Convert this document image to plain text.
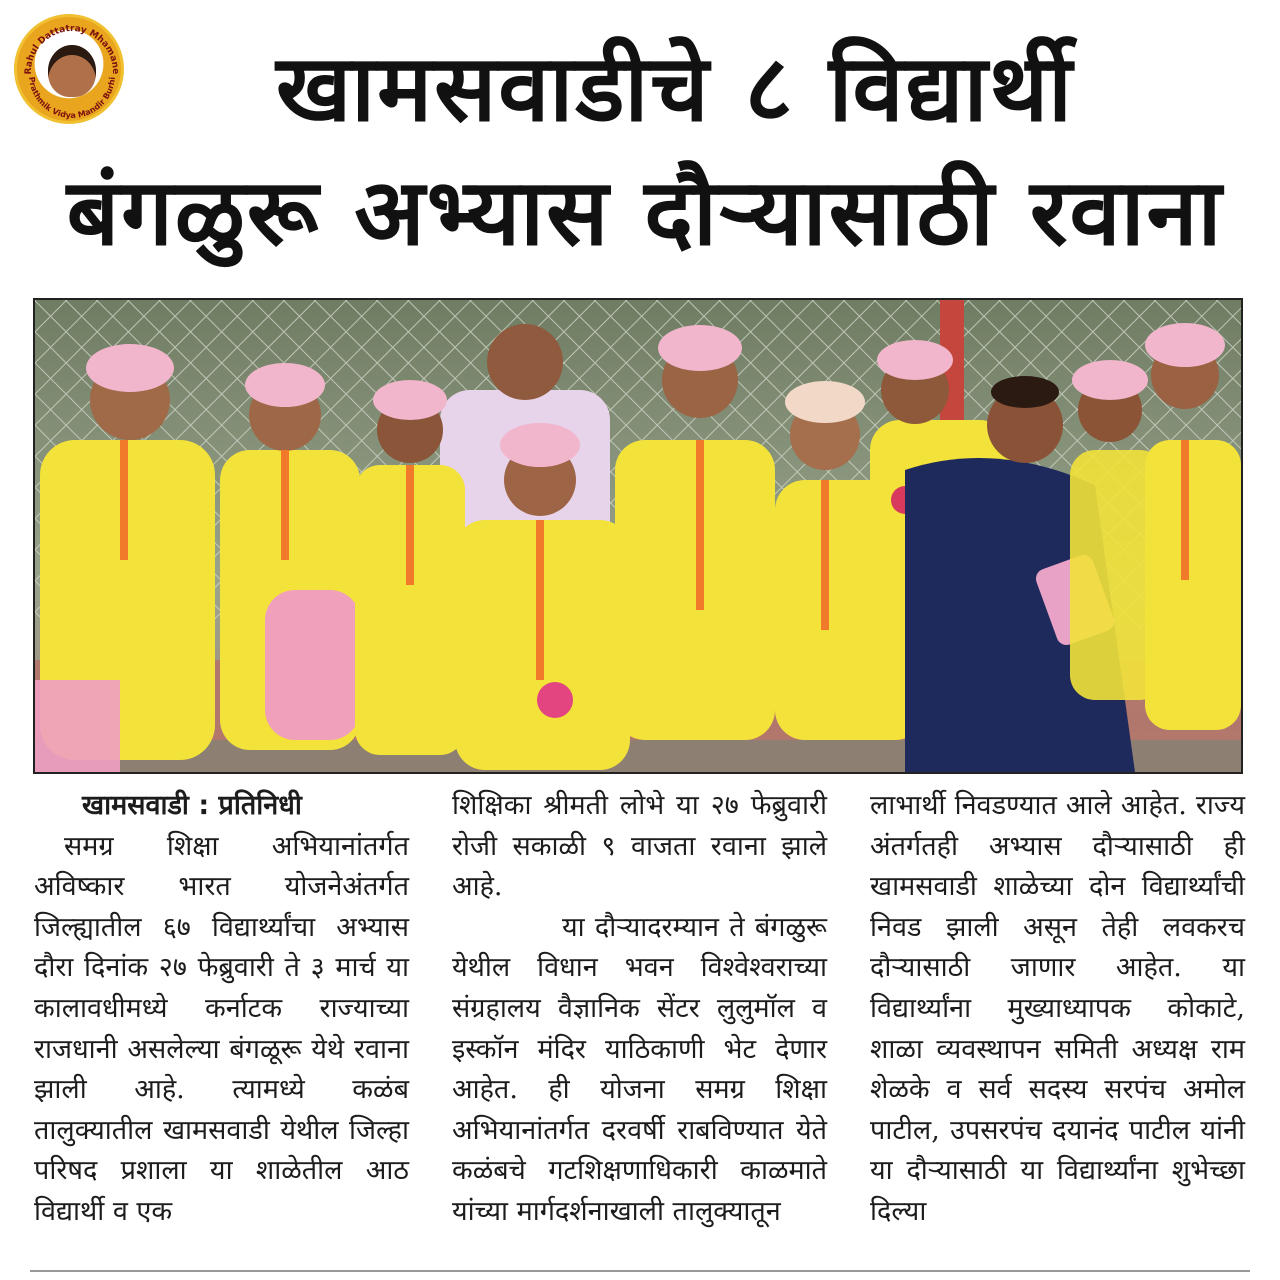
Rahul Dattatray Mhamane
Prathmik Vidya Mandir Burhi	खामसवाडीचे ८ विद्यार्थी
बंगळुरू अभ्यास दौऱ्यासाठी रवाना
खामसवाडी : प्रतिनिधी

समग्र शिक्षा अभियानांतर्गत अविष्कार भारत योजनेअंतर्गत जिल्ह्यातील ६७ विद्यार्थ्यांचा अभ्यास दौरा दिनांक २७ फेब्रुवारी ते ३ मार्च या कालावधीमध्ये कर्नाटक राज्याच्या राजधानी असलेल्या बंगळूरू येथे रवाना झाली आहे. त्यामध्ये कळंब तालुक्यातील खामसवाडी येथील जिल्हा परिषद प्रशाला या शाळेतील आठ विद्यार्थी व एक

शिक्षिका श्रीमती लोभे या २७ फेब्रुवारी रोजी सकाळी ९ वाजता रवाना झाले आहे.

या दौऱ्यादरम्यान ते बंगळुरू येथील विधान भवन विश्वेश्वराच्या संग्रहालय वैज्ञानिक सेंटर लुलुमॉल व इस्कॉन मंदिर याठिकाणी भेट देणार आहेत. ही योजना समग्र शिक्षा अभियानांतर्गत दरवर्षी राबविण्यात येते कळंबचे गटशिक्षणाधिकारी काळमाते यांच्या मार्गदर्शनाखाली तालुक्यातून

लाभार्थी निवडण्यात आले आहेत. राज्य अंतर्गतही अभ्यास दौऱ्यासाठी ही खामसवाडी शाळेच्या दोन विद्यार्थ्यांची निवड झाली असून तेही लवकरच दौऱ्यासाठी जाणार आहेत. या विद्यार्थ्यांना मुख्याध्यापक कोकाटे, शाळा व्यवस्थापन समिती अध्यक्ष राम शेळके व सर्व सदस्य सरपंच अमोल पाटील, उपसरपंच दयानंद पाटील यांनी या दौऱ्यासाठी या विद्यार्थ्यांना शुभेच्छा दिल्या
